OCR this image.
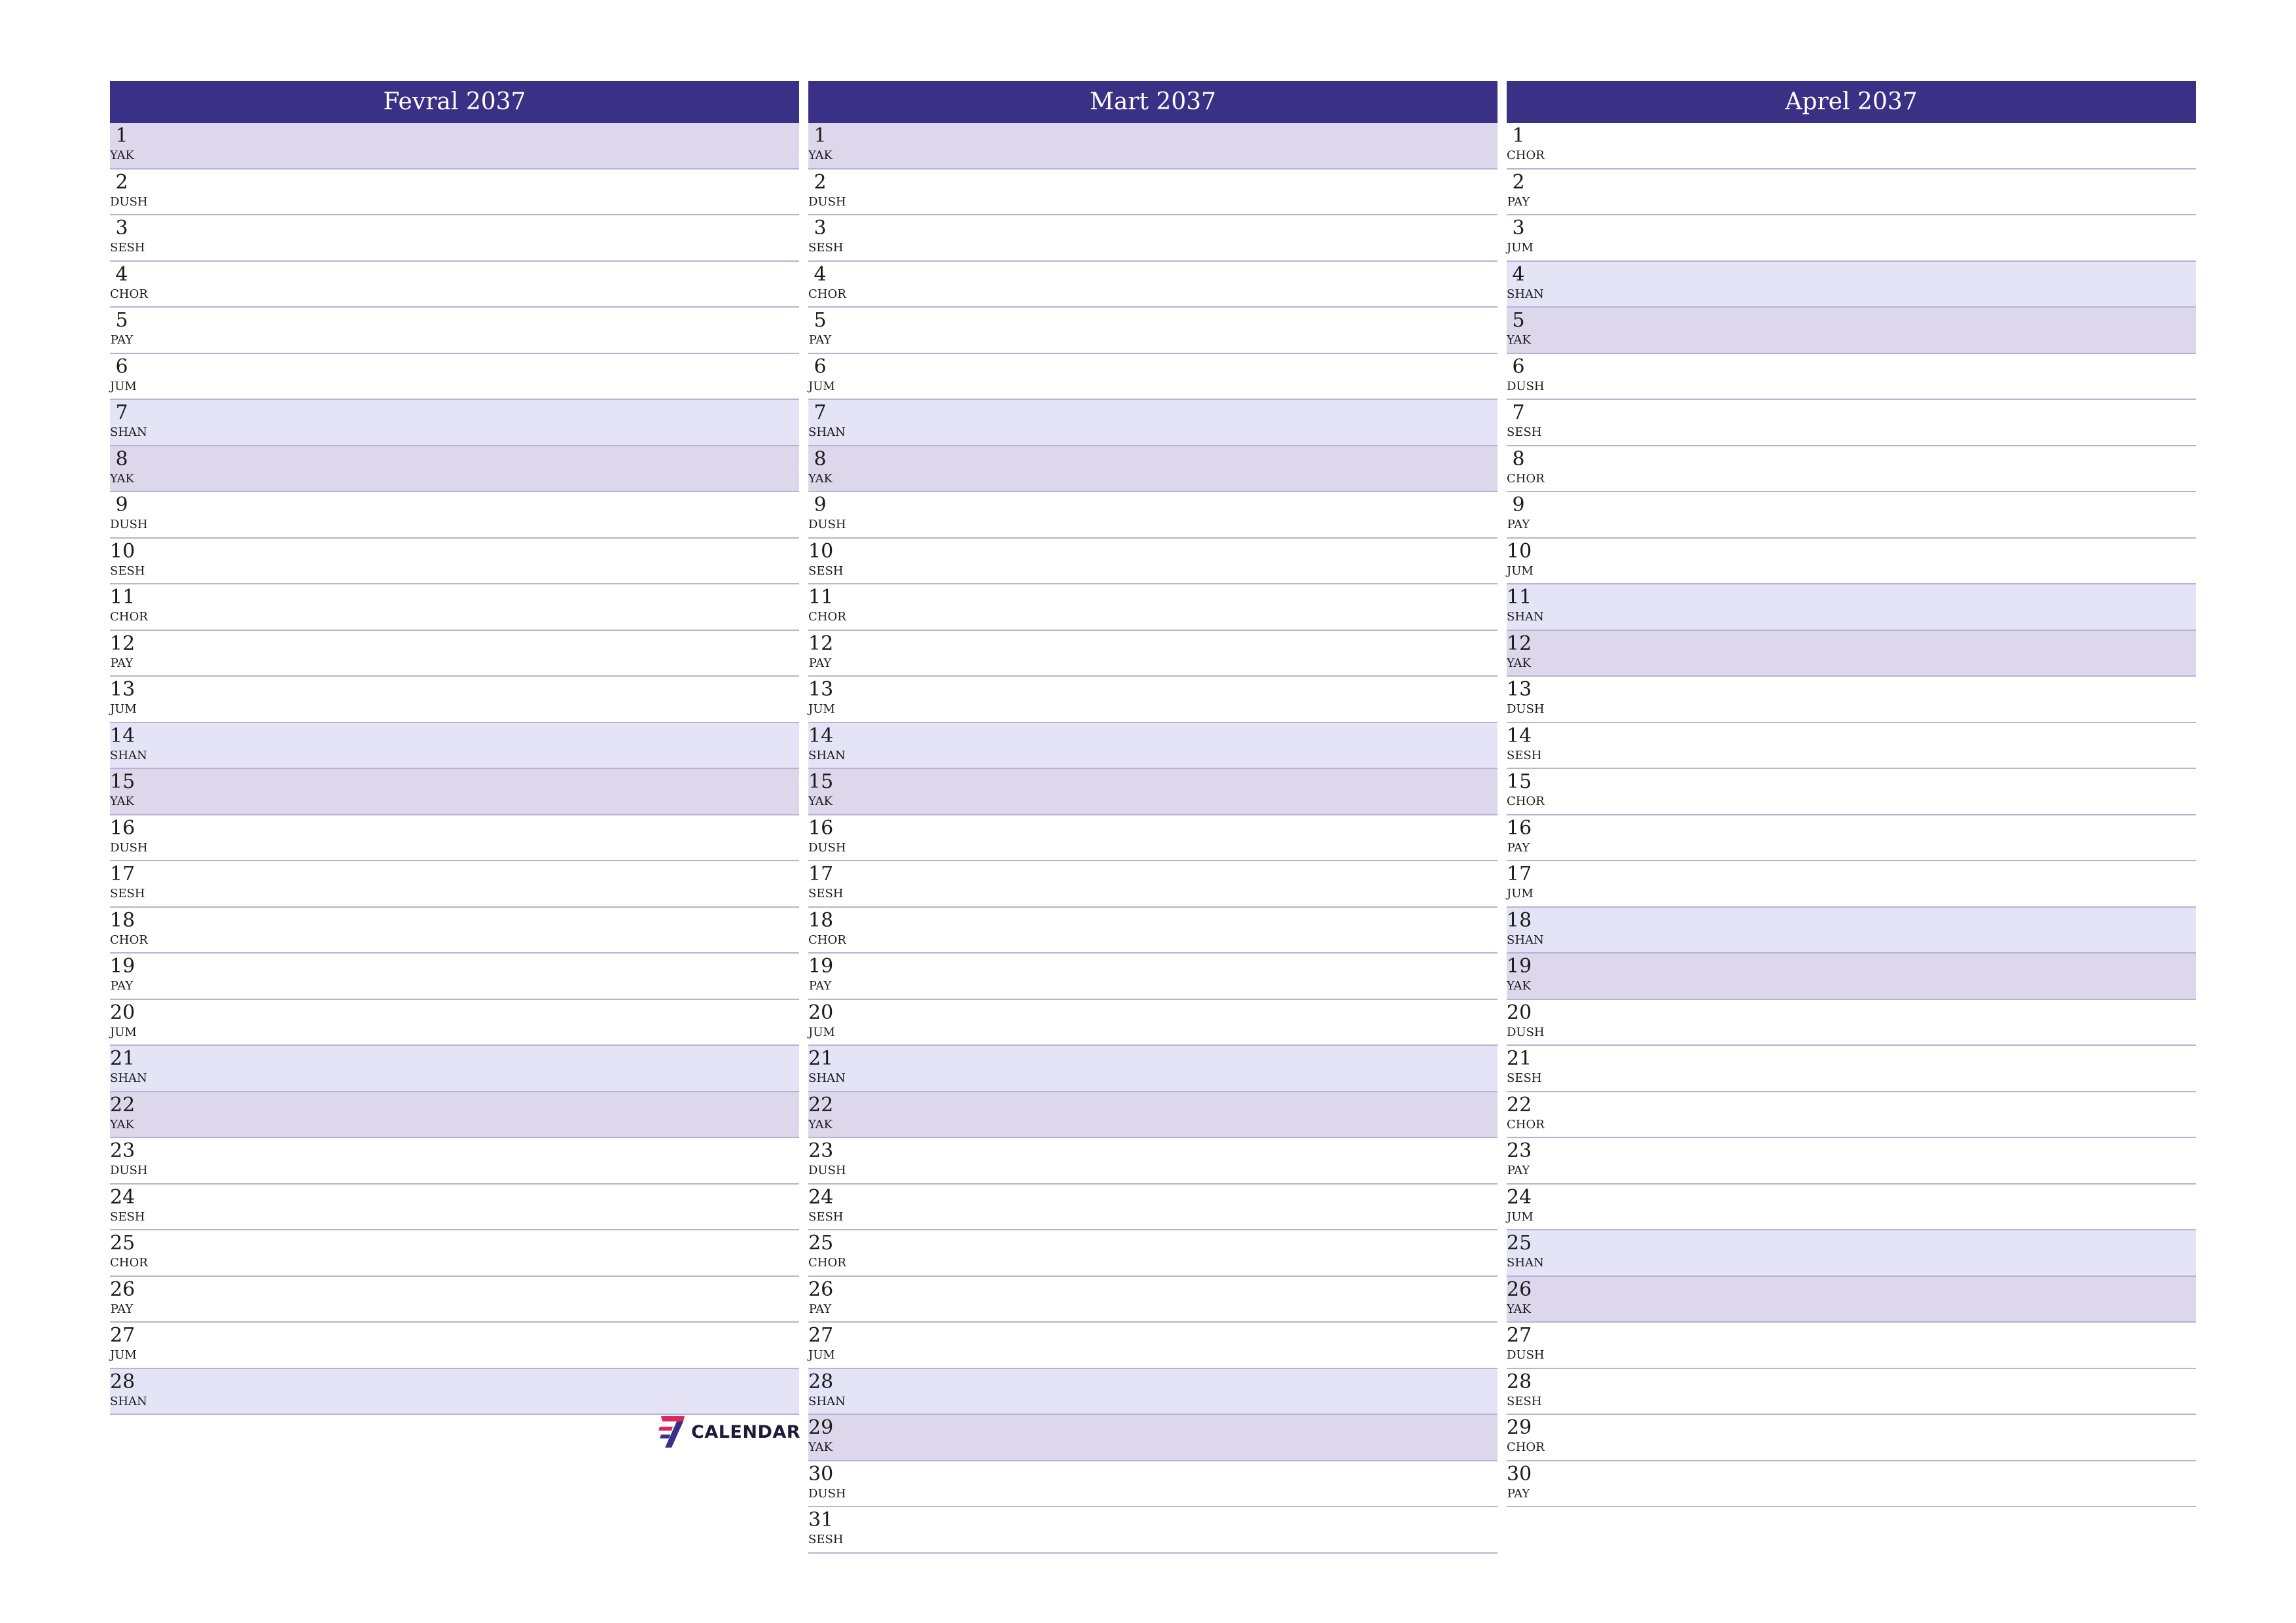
Fevral 2037
1
YAK
2
DUSH
3
SESH
4
CHOR
5
PAY
6
JUM
7
SHAN
8
YAK
9
DUSH
10
SESH
11
CHOR
12
PAY
13
JUM
14
SHAN
15
YAK
16
DUSH
17
SESH
18
CHOR
19
PAY
20
JUM
21
SHAN
22
YAK
23
DUSH
24
SESH
25
CHOR
26
PAY
27
JUM
28
SHAN
Mart 2037
1
YAK
2
DUSH
3
SESH
4
CHOR
5
PAY
6
JUM
7
SHAN
8
YAK
9
DUSH
10
SESH
11
CHOR
12
PAY
13
JUM
14
SHAN
15
YAK
16
DUSH
17
SESH
18
CHOR
19
PAY
20
JUM
21
SHAN
22
YAK
23
DUSH
24
SESH
25
CHOR
26
PAY
27
JUM
28
SHAN
29
YAK
30
DUSH
31
SESH
Aprel 2037
1
CHOR
2
PAY
3
JUM
4
SHAN
5
YAK
6
DUSH
7
SESH
8
CHOR
9
PAY
10
JUM
11
SHAN
12
YAK
13
DUSH
14
SESH
15
CHOR
16
PAY
17
JUM
18
SHAN
19
YAK
20
DUSH
21
SESH
22
CHOR
23
PAY
24
JUM
25
SHAN
26
YAK
27
DUSH
28
SESH
29
CHOR
30
PAY
CALENDAR
